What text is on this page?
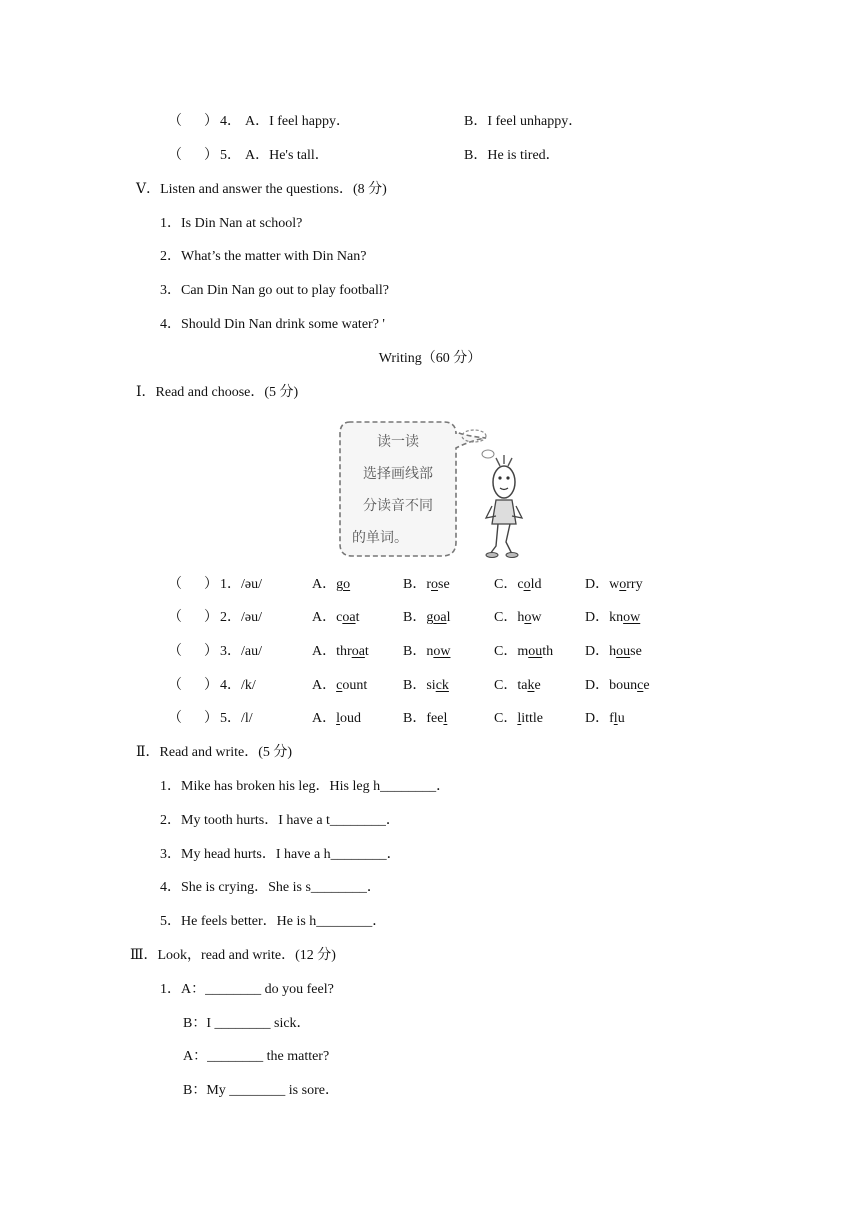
（ ） 4． A．I feel happy．	B．I feel unhappy．
（ ） 5． A．He's tall．	B．He is tired．
Ⅴ．Listen and answer the questions．(8 分)
1．Is Din Nan at school?
2．What’s the matter with Din Nan?
3．Can Din Nan go out to play football?
4．Should Din Nan drink some water? '
Writing（60 分）
Ⅰ．Read and choose．(5 分)
读一读
选择画线部
分读音不同
的单词。
（ ） 1．/əu/	A．go	B．rose	C．cold	D．worry
（ ） 2．/əu/	A．coat	B．goal	C．how	D．know
（ ） 3．/au/	A．throat B．now	C．mouth D．house
（ ） 4．/k/	A．count	B．sick	C．take	D．bounce
（ ） 5．/l/	A．loud	B．feel	C．little	D．flu
Ⅱ．Read and write．(5 分)
1．Mike has broken his leg．His leg h________．
2．My tooth hurts．I have a t________．
3．My head hurts．I have a h________．
4．She is crying．She is s________．
5．He feels better．He is h________．
Ⅲ．Look，read and write．(12 分)
1．A：________ do you feel?
B：I ________ sick．
A：________ the matter?
B：My ________ is sore．
